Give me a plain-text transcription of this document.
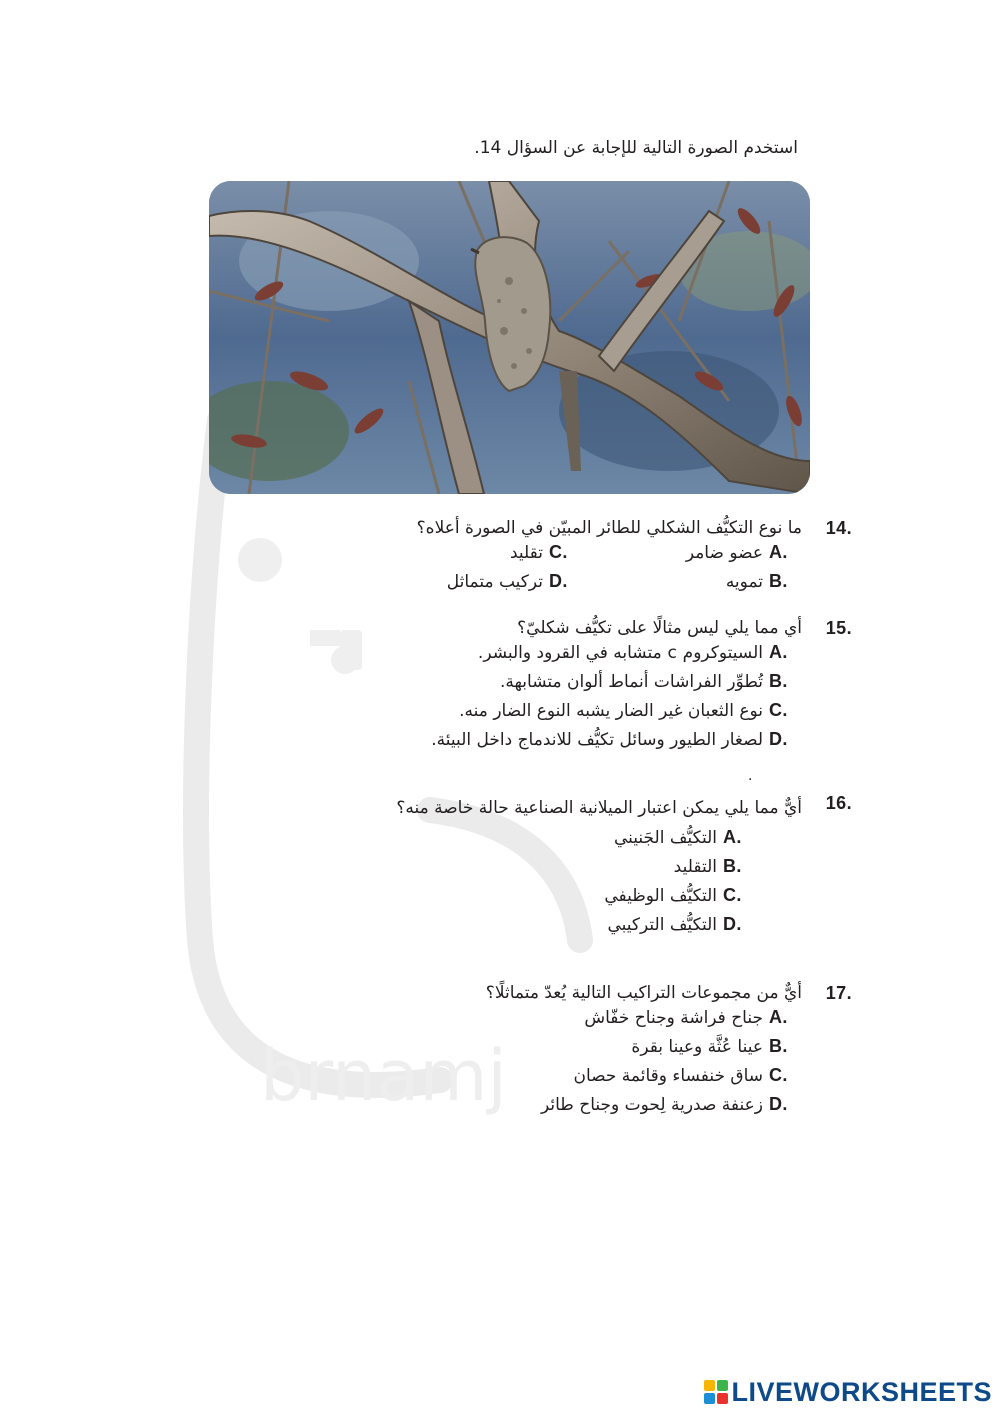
brnamj
استخدم الصورة التالية للإجابة عن السؤال 14.
14.
ما نوع التكيُّف الشكلي للطائر المبيّن في الصورة أعلاه؟
A.
عضو ضامر
C.
تقليد
B.
تمويه
D.
تركيب متماثل
15.
أي مما يلي ليس مثالًا على تكيُّف شكليّ؟
A.
السيتوكروم c متشابه في القرود والبشر.
B.
تُطوِّر الفراشات أنماط ألوان متشابهة.
C.
نوع الثعبان غير الضار يشبه النوع الضار منه.
D.
لصغار الطيور وسائل تكيُّف للاندماج داخل البيئة.
.
16.
أيٌّ مما يلي يمكن اعتبار الميلانية الصناعية حالة خاصة منه؟
A.
التكيُّف الجَنيني
B.
التقليد
C.
التكيُّف الوظيفي
D.
التكيُّف التركيبي
17.
أيٌّ من مجموعات التراكيب التالية يُعدّ متماثلًا؟
A.
جناح فراشة وجناح خفّاش
B.
عينا عُثَّة وعينا بقرة
C.
ساق خنفساء وقائمة حصان
D.
زعنفة صدرية لِحوت وجناح طائر
LIVEWORKSHEETS
